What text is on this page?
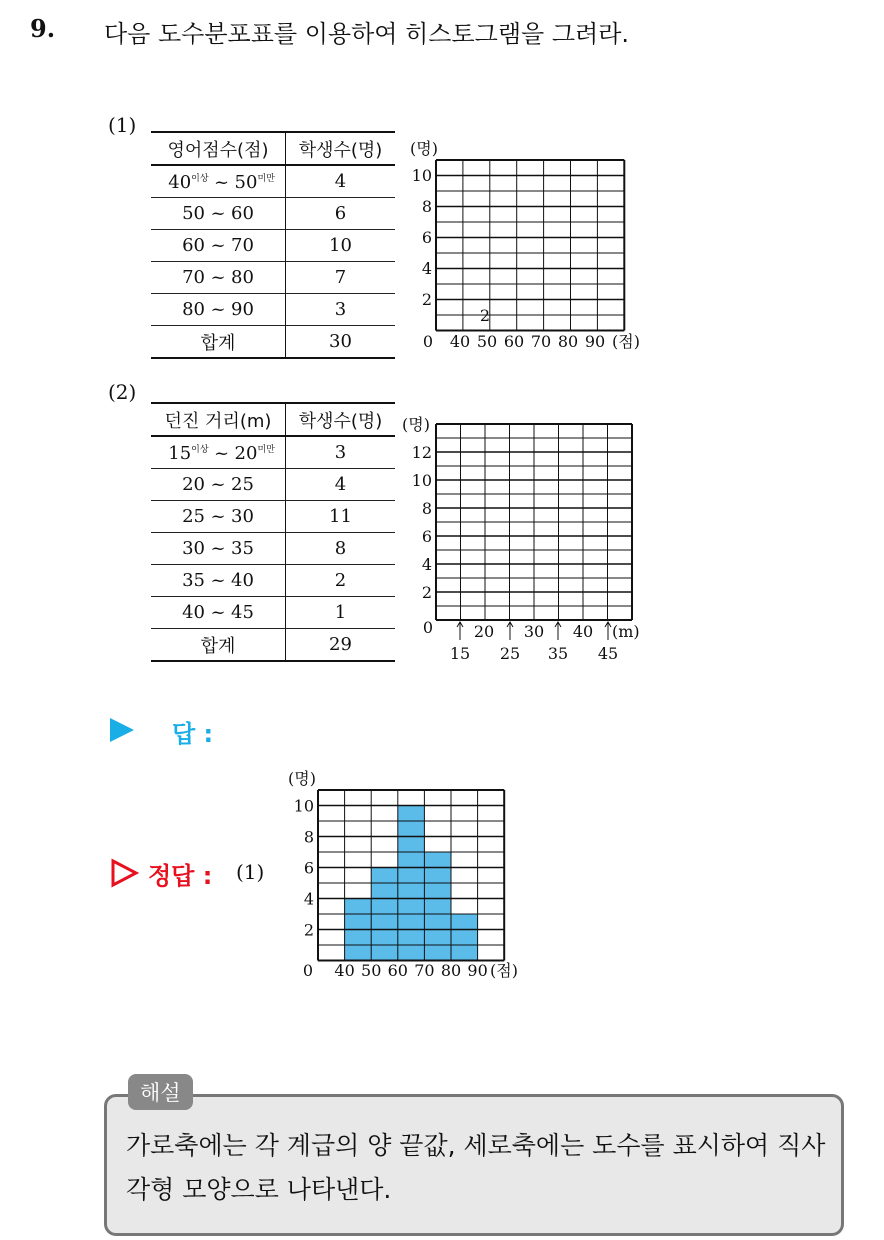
9. 다음 도수분포표를 이용하여 히스토그램을 그려라.
(1)
영어점수(점)	학생수(명)
$40^{이상}$ ~ $50^{미만}$	4
50 ~ 60	6
60 ~ 70	10
70 ~ 80	7
80 ~ 90	3
합계	30
(명)
2
2
4
6
8
10
0 40 50 60 70 80 90 (점)
(2)
던진 거리(m)	학생수(명)
$15^{이상}$ ~ $20^{미만}$	3
20 ~ 25	4
25 ~ 30	11
30 ~ 35	8
35 ~ 40	2
40 ~ 45	1
합계	29
(명)
2
4
6
8
10
12
0	20 30 40 (m)
15 25 35 45
답 :
정답 : (1)
(명)
2
4
6
8
10
0 40 50 60 70 80 90 (점)
해설
가로축에는 각 계급의 양 끝값, 세로축에는 도수를 표시하여 직사각형 모양으로 나타낸다.
